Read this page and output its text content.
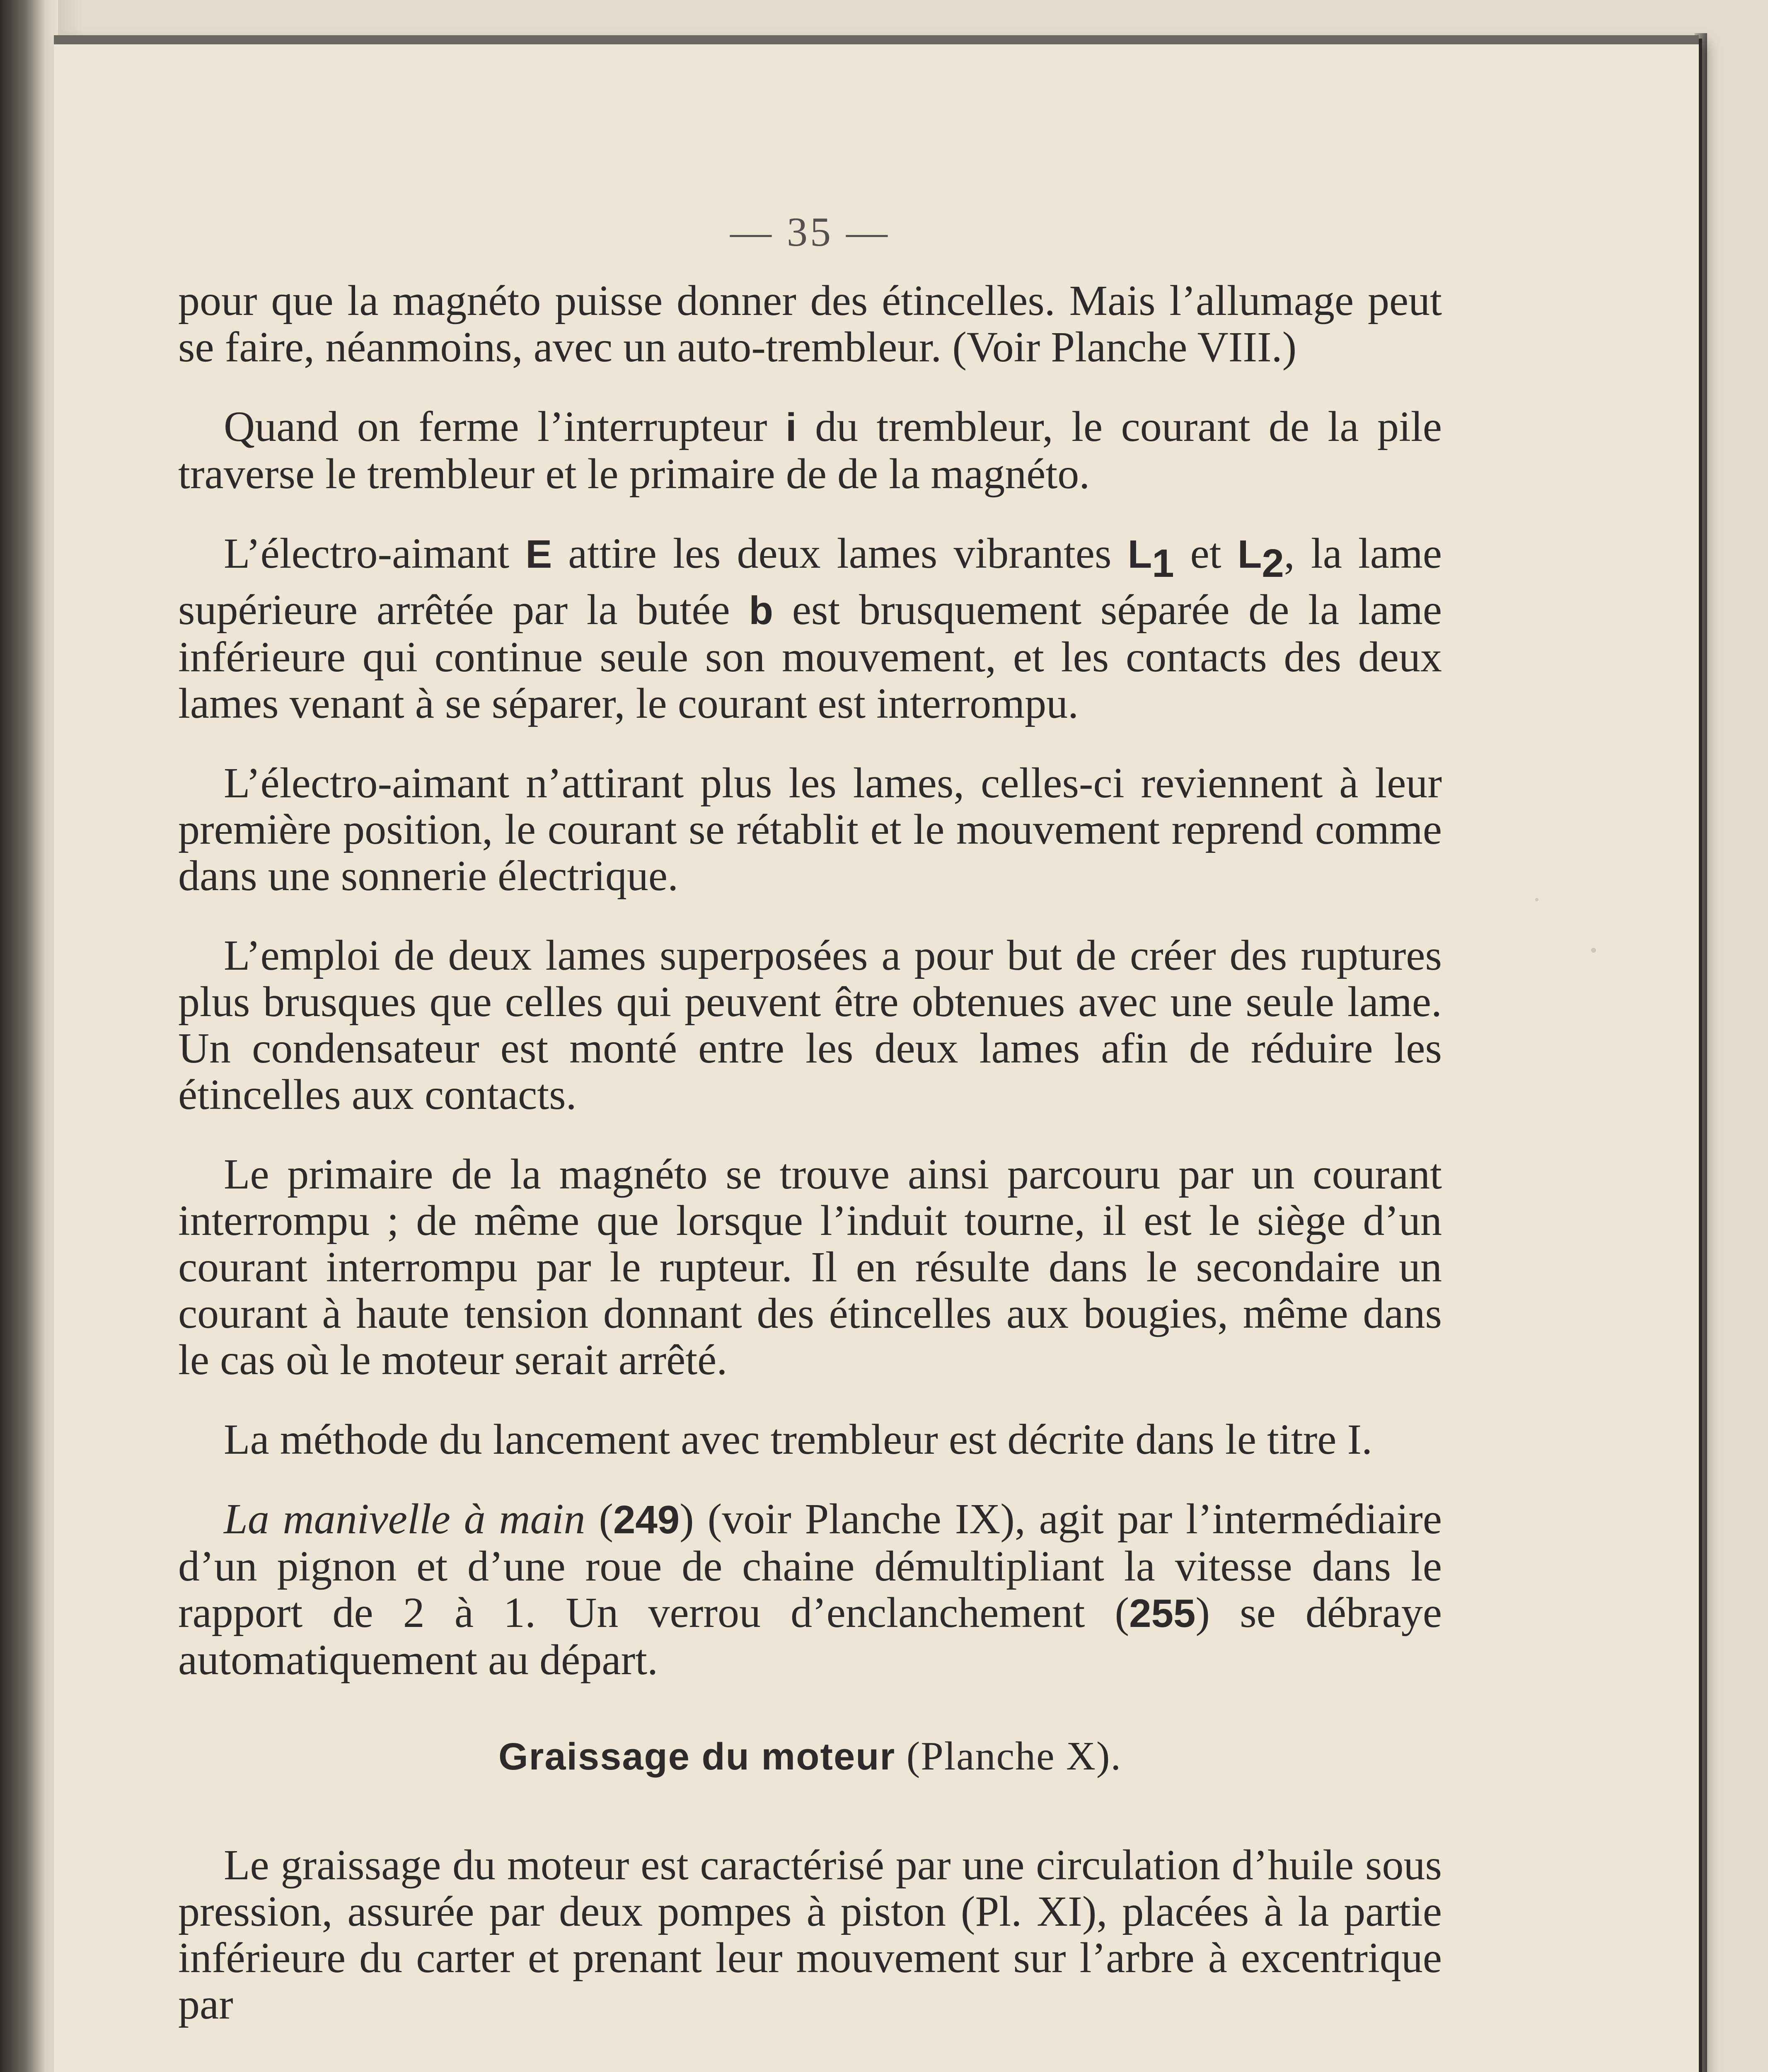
— 35 —

pour que la magnéto puisse donner des étincelles. Mais l’allumage peut se faire, néanmoins, avec un auto-trembleur. (Voir Planche VIII.)

Quand on ferme l’interrupteur i du trembleur, le courant de la pile traverse le trembleur et le primaire de de la magnéto.

L’électro-aimant E attire les deux lames vibrantes $L_1$ et $L_2$, la lame supérieure arrêtée par la butée b est brusquement séparée de la lame inférieure qui continue seule son mouvement, et les contacts des deux lames venant à se séparer, le courant est interrompu.

L’électro-aimant n’attirant plus les lames, celles-ci reviennent à leur première position, le courant se rétablit et le mouvement reprend comme dans une sonnerie électrique.

L’emploi de deux lames superposées a pour but de créer des ruptures plus brusques que celles qui peuvent être obtenues avec une seule lame. Un condensateur est monté entre les deux lames afin de réduire les étincelles aux contacts.

Le primaire de la magnéto se trouve ainsi parcouru par un courant interrompu ; de même que lorsque l’induit tourne, il est le siège d’un courant interrompu par le rupteur. Il en résulte dans le secondaire un courant à haute tension donnant des étincelles aux bougies, même dans le cas où le moteur serait arrêté.

La méthode du lancement avec trembleur est décrite dans le titre I.

La manivelle à main (249) (voir Planche IX), agit par l’intermédiaire d’un pignon et d’une roue de chaine démultipliant la vitesse dans le rapport de 2 à 1. Un verrou d’enclanchement (255) se débraye automatiquement au départ.

Graissage du moteur (Planche X).

Le graissage du moteur est caractérisé par une circulation d’huile sous pression, assurée par deux pompes à piston (Pl. XI), placées à la partie inférieure du carter et prenant leur mouvement sur l’arbre à excentrique par
